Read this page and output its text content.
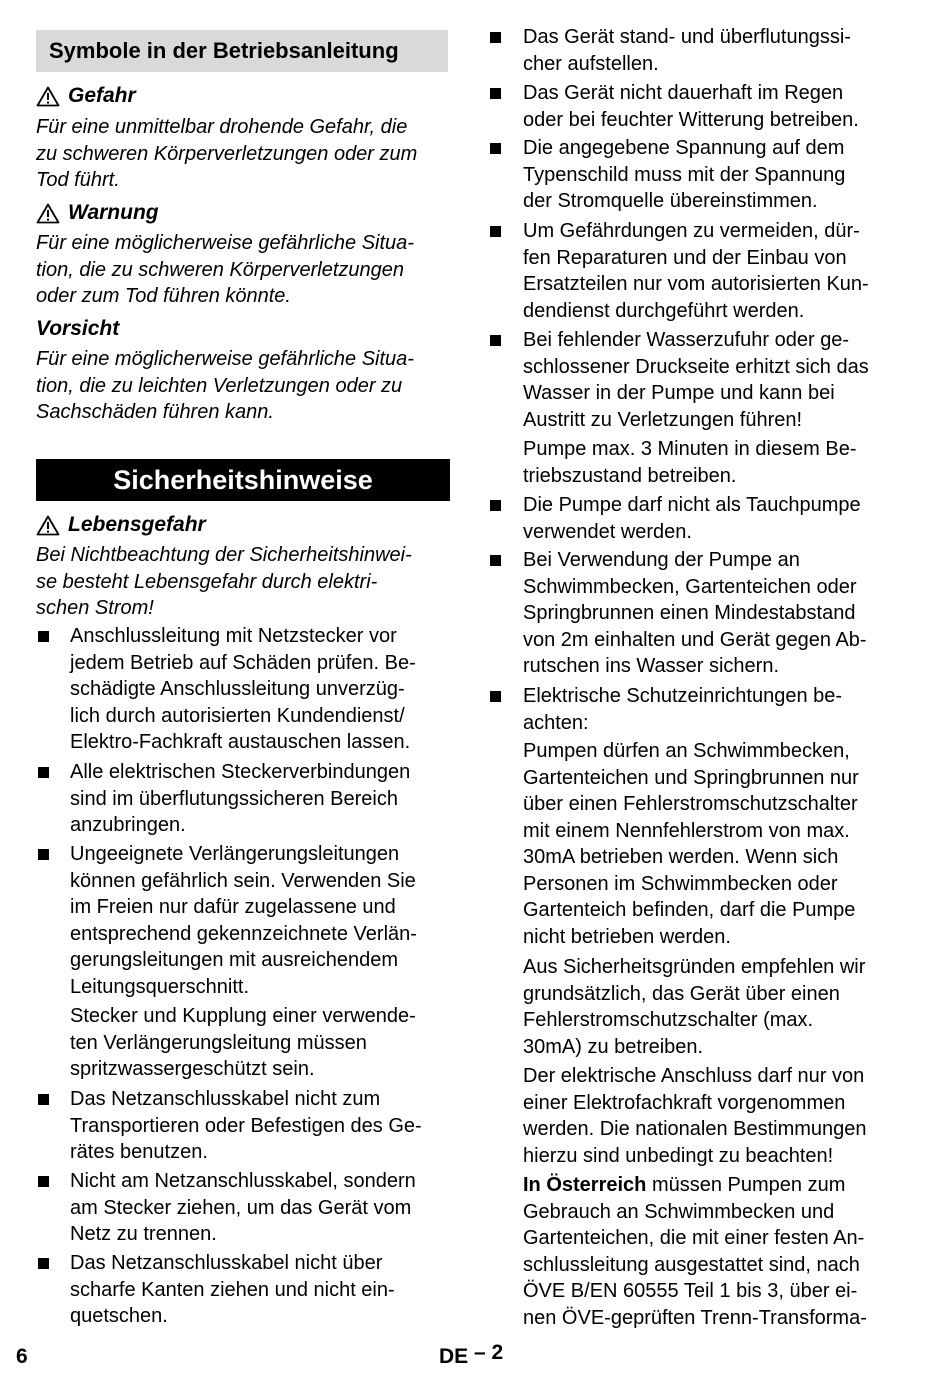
Symbole in der Betriebsanleitung
Gefahr
Für eine unmittelbar drohende Gefahr, die
zu schweren Körperverletzungen oder zum
Tod führt.
Warnung
Für eine möglicherweise gefährliche Situa-
tion, die zu schweren Körperverletzungen
oder zum Tod führen könnte.
Vorsicht
Für eine möglicherweise gefährliche Situa-
tion, die zu leichten Verletzungen oder zu
Sachschäden führen kann.
Sicherheitshinweise
Lebensgefahr
Bei Nichtbeachtung der Sicherheitshinwei-
se besteht Lebensgefahr durch elektri-
schen Strom!
Anschlussleitung mit Netzstecker vor
jedem Betrieb auf Schäden prüfen. Be-
schädigte Anschlussleitung unverzüg-
lich durch autorisierten Kundendienst/
Elektro-Fachkraft austauschen lassen.
Alle elektrischen Steckerverbindungen
sind im überflutungssicheren Bereich
anzubringen.
Ungeeignete Verlängerungsleitungen
können gefährlich sein. Verwenden Sie
im Freien nur dafür zugelassene und
entsprechend gekennzeichnete Verlän-
gerungsleitungen mit ausreichendem
Leitungsquerschnitt.
Stecker und Kupplung einer verwende-
ten Verlängerungsleitung müssen
spritzwassergeschützt sein.
Das Netzanschlusskabel nicht zum
Transportieren oder Befestigen des Ge-
rätes benutzen.
Nicht am Netzanschlusskabel, sondern
am Stecker ziehen, um das Gerät vom
Netz zu trennen.
Das Netzanschlusskabel nicht über
scharfe Kanten ziehen und nicht ein-
quetschen.
Das Gerät stand- und überflutungssi-
cher aufstellen.
Das Gerät nicht dauerhaft im Regen
oder bei feuchter Witterung betreiben.
Die angegebene Spannung auf dem
Typenschild muss mit der Spannung
der Stromquelle übereinstimmen.
Um Gefährdungen zu vermeiden, dür-
fen Reparaturen und der Einbau von
Ersatzteilen nur vom autorisierten Kun-
dendienst durchgeführt werden.
Bei fehlender Wasserzufuhr oder ge-
schlossener Druckseite erhitzt sich das
Wasser in der Pumpe und kann bei
Austritt zu Verletzungen führen!
Pumpe max. 3 Minuten in diesem Be-
triebszustand betreiben.
Die Pumpe darf nicht als Tauchpumpe
verwendet werden.
Bei Verwendung der Pumpe an
Schwimmbecken, Gartenteichen oder
Springbrunnen einen Mindestabstand
von 2m einhalten und Gerät gegen Ab-
rutschen ins Wasser sichern.
Elektrische Schutzeinrichtungen be-
achten:
Pumpen dürfen an Schwimmbecken,
Gartenteichen und Springbrunnen nur
über einen Fehlerstromschutzschalter
mit einem Nennfehlerstrom von max.
30mA betrieben werden. Wenn sich
Personen im Schwimmbecken oder
Gartenteich befinden, darf die Pumpe
nicht betrieben werden.
Aus Sicherheitsgründen empfehlen wir
grundsätzlich, das Gerät über einen
Fehlerstromschutzschalter (max.
30mA) zu betreiben.
Der elektrische Anschluss darf nur von
einer Elektrofachkraft vorgenommen
werden. Die nationalen Bestimmungen
hierzu sind unbedingt zu beachten!
In Österreich müssen Pumpen zum
Gebrauch an Schwimmbecken und
Gartenteichen, die mit einer festen An-
schlussleitung ausgestattet sind, nach
ÖVE B/EN 60555 Teil 1 bis 3, über ei-
nen ÖVE-geprüften Trenn-Transforma-
6	DE – 2
